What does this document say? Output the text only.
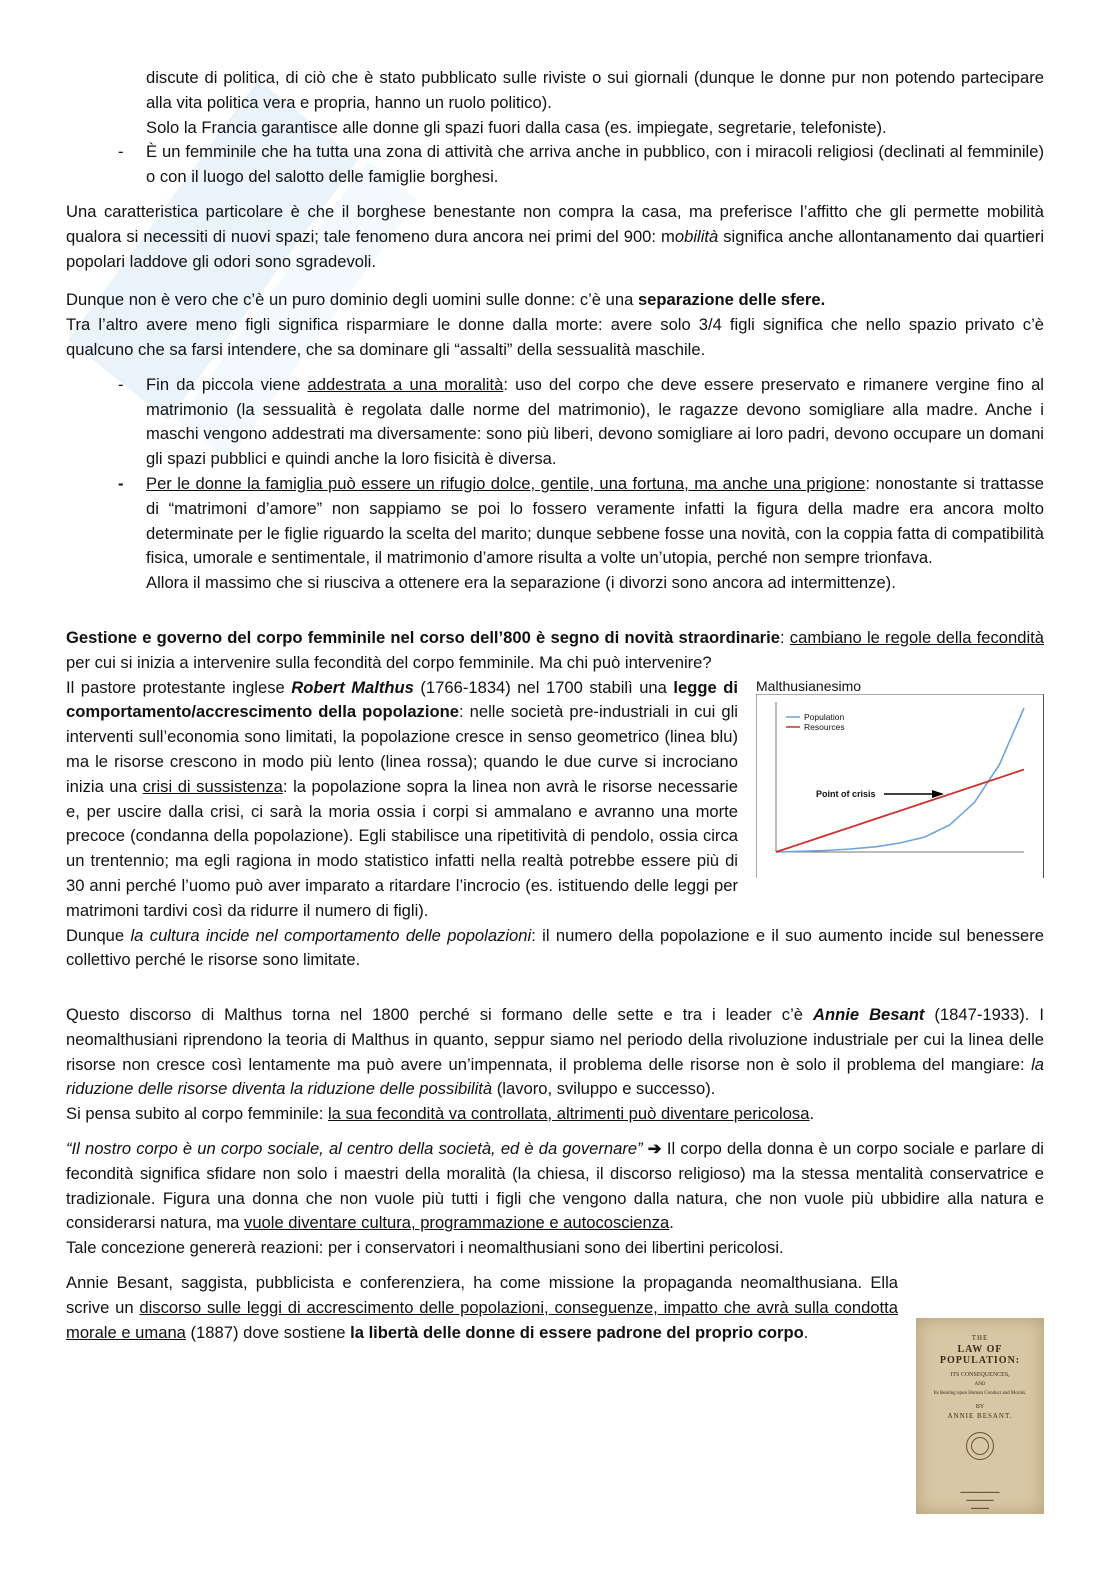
discute di politica, di ciò che è stato pubblicato sulle riviste o sui giornali (dunque le donne pur non potendo partecipare alla vita politica vera e propria, hanno un ruolo politico).

Solo la Francia garantisce alle donne gli spazi fuori dalla casa (es. impiegate, segretarie, telefoniste).

- È un femminile che ha tutta una zona di attività che arriva anche in pubblico, con i miracoli religiosi (declinati al femminile) o con il luogo del salotto delle famiglie borghesi.

Una caratteristica particolare è che il borghese benestante non compra la casa, ma preferisce l’affitto che gli permette mobilità qualora si necessiti di nuovi spazi; tale fenomeno dura ancora nei primi del 900: mobilità significa anche allontanamento dai quartieri popolari laddove gli odori sono sgradevoli.

Dunque non è vero che c’è un puro dominio degli uomini sulle donne: c’è una separazione delle sfere.

Tra l’altro avere meno figli significa risparmiare le donne dalla morte: avere solo 3/4 figli significa che nello spazio privato c’è qualcuno che sa farsi intendere, che sa dominare gli “assalti” della sessualità maschile.

- Fin da piccola viene addestrata a una moralità: uso del corpo che deve essere preservato e rimanere vergine fino al matrimonio (la sessualità è regolata dalle norme del matrimonio), le ragazze devono somigliare alla madre. Anche i maschi vengono addestrati ma diversamente: sono più liberi, devono somigliare ai loro padri, devono occupare un domani gli spazi pubblici e quindi anche la loro fisicità è diversa.

- Per le donne la famiglia può essere un rifugio dolce, gentile, una fortuna, ma anche una prigione: nonostante si trattasse di “matrimoni d’amore” non sappiamo se poi lo fossero veramente infatti la figura della madre era ancora molto determinate per le figlie riguardo la scelta del marito; dunque sebbene fosse una novità, con la coppia fatta di compatibilità fisica, umorale e sentimentale, il matrimonio d’amore risulta a volte un’utopia, perché non sempre trionfava.

Allora il massimo che si riusciva a ottenere era la separazione (i divorzi sono ancora ad intermittenze).

Gestione e governo del corpo femminile nel corso dell’800 è segno di novità straordinarie: cambiano le regole della fecondità per cui si inizia a intervenire sulla fecondità del corpo femminile. Ma chi può intervenire?

Malthusianesimo
Population
Resources
Point of crisis

Il pastore protestante inglese Robert Malthus (1766-1834) nel 1700 stabilì una legge di comportamento/accrescimento della popolazione: nelle società pre-industriali in cui gli interventi sull’economia sono limitati, la popolazione cresce in senso geometrico (linea blu) ma le risorse crescono in modo più lento (linea rossa); quando le due curve si incrociano inizia una crisi di sussistenza: la popolazione sopra la linea non avrà le risorse necessarie e, per uscire dalla crisi, ci sarà la moria ossia i corpi si ammalano e avranno una morte precoce (condanna della popolazione). Egli stabilisce una ripetitività di pendolo, ossia circa un trentennio; ma egli ragiona in modo statistico infatti nella realtà potrebbe essere più di 30 anni perché l’uomo può aver imparato a ritardare l’incrocio (es. istituendo delle leggi per matrimoni tardivi così da ridurre il numero di figli).

Dunque la cultura incide nel comportamento delle popolazioni: il numero della popolazione e il suo aumento incide sul benessere collettivo perché le risorse sono limitate.

Questo discorso di Malthus torna nel 1800 perché si formano delle sette e tra i leader c’è Annie Besant (1847-1933). I neomalthusiani riprendono la teoria di Malthus in quanto, seppur siamo nel periodo della rivoluzione industriale per cui la linea delle risorse non cresce così lentamente ma può avere un’impennata, il problema delle risorse non è solo il problema del mangiare: la riduzione delle risorse diventa la riduzione delle possibilità (lavoro, sviluppo e successo).

Si pensa subito al corpo femminile: la sua fecondità va controllata, altrimenti può diventare pericolosa.

“Il nostro corpo è un corpo sociale, al centro della società, ed è da governare” ➔ Il corpo della donna è un corpo sociale e parlare di fecondità significa sfidare non solo i maestri della moralità (la chiesa, il discorso religioso) ma la stessa mentalità conservatrice e tradizionale. Figura una donna che non vuole più tutti i figli che vengono dalla natura, che non vuole più ubbidire alla natura e considerarsi natura, ma vuole diventare cultura, programmazione e autocoscienza.

Tale concezione genererà reazioni: per i conservatori i neomalthusiani sono dei libertini pericolosi.

Annie Besant, saggista, pubblicista e conferenziera, ha come missione la propaganda neomalthusiana. Ella scrive un discorso sulle leggi di accrescimento delle popolazioni, conseguenze, impatto che avrà sulla condotta morale e umana (1887) dove sostiene la libertà delle donne di essere padrone del proprio corpo.	THE
LAW OF POPULATION:
ITS CONSEQUENCES,
AND
Its Bearing upon Human Conduct and Morals.
BY
ANNIE BESANT.
━━━━━━━━━━━━━
━━━━━━━━━
━━━━━━
